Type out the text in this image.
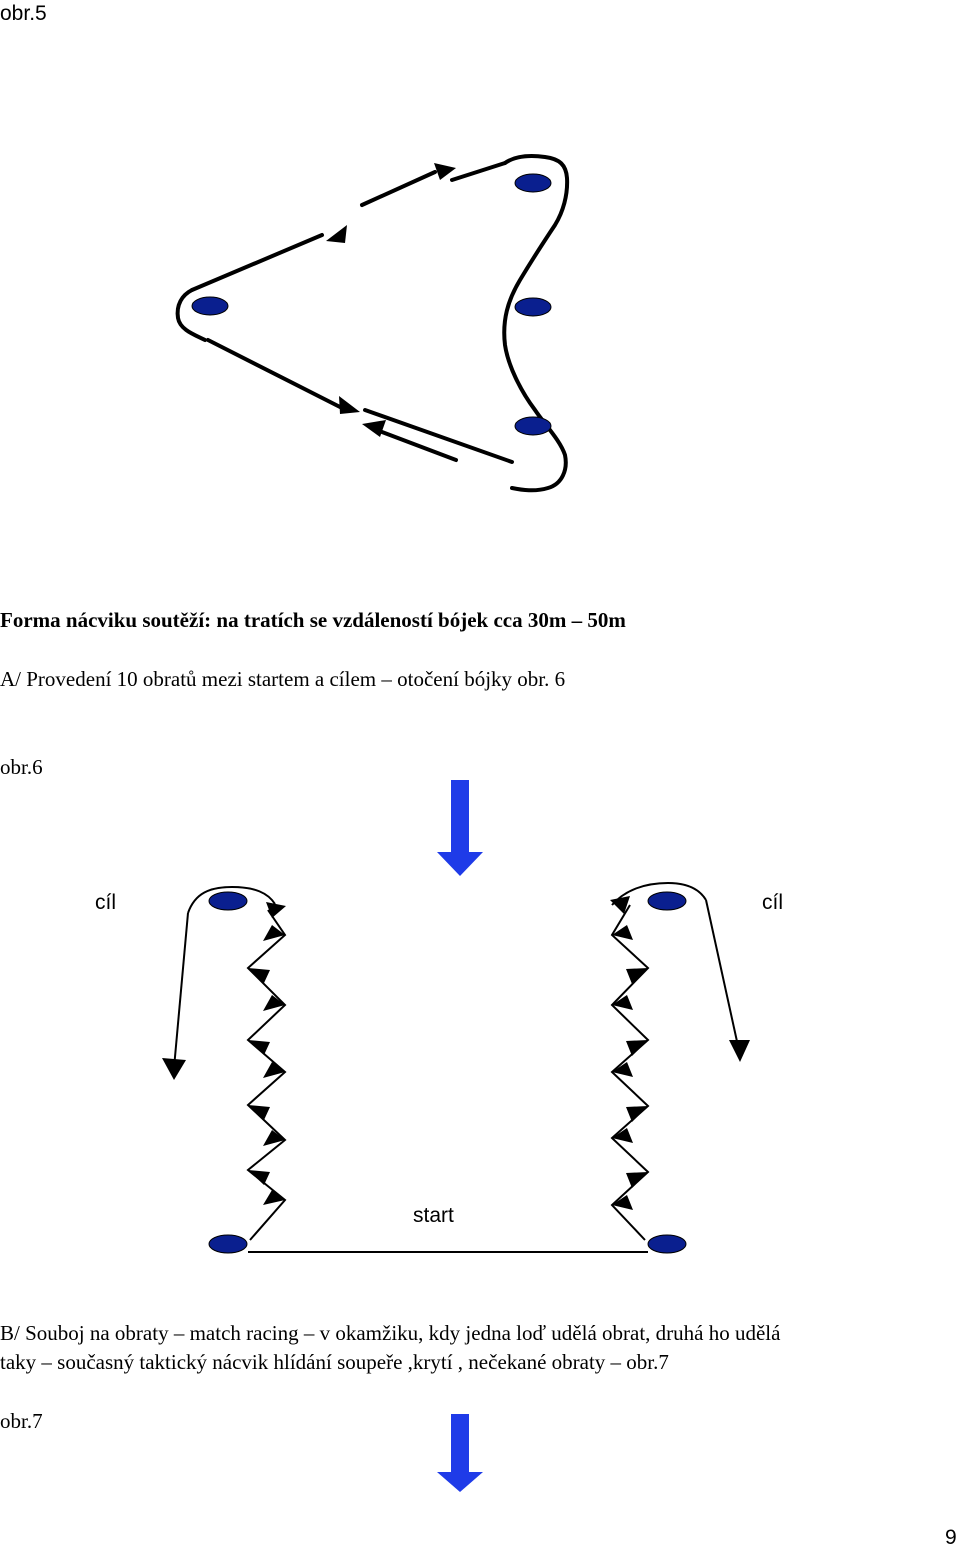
obr.5
Forma nácviku soutěží: na tratích se vzdáleností bójek cca 30m – 50m
A/ Provedení 10 obratů mezi startem a cílem – otočení bójky obr. 6
obr.6
cíl	cíl
start
B/ Souboj na obraty – match racing – v okamžiku, kdy jedna loď udělá obrat, druhá ho udělá
taky – současný taktický nácvik hlídání soupeře ,krytí , nečekané obraty – obr.7
obr.7
9
